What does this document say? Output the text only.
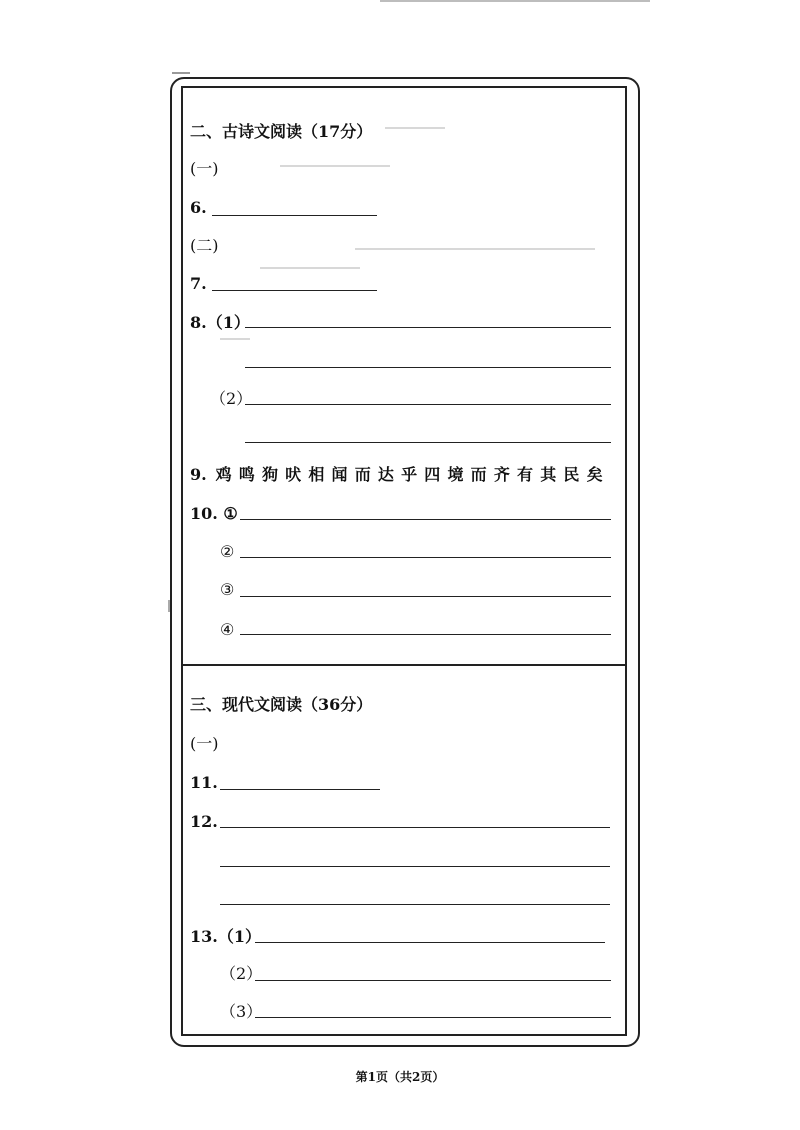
二、古诗文阅读（17分）
(一)
6.
(二)
7.
8.（1）
（2）
9. 鸡 鸣 狗 吠 相 闻 而 达 乎 四 境 而 齐 有 其 民 矣
10. ①
②
③
④
三、现代文阅读（36分）
(一)
11.
12.
13.（1）
（2）
（3）
第1页（共2页）
